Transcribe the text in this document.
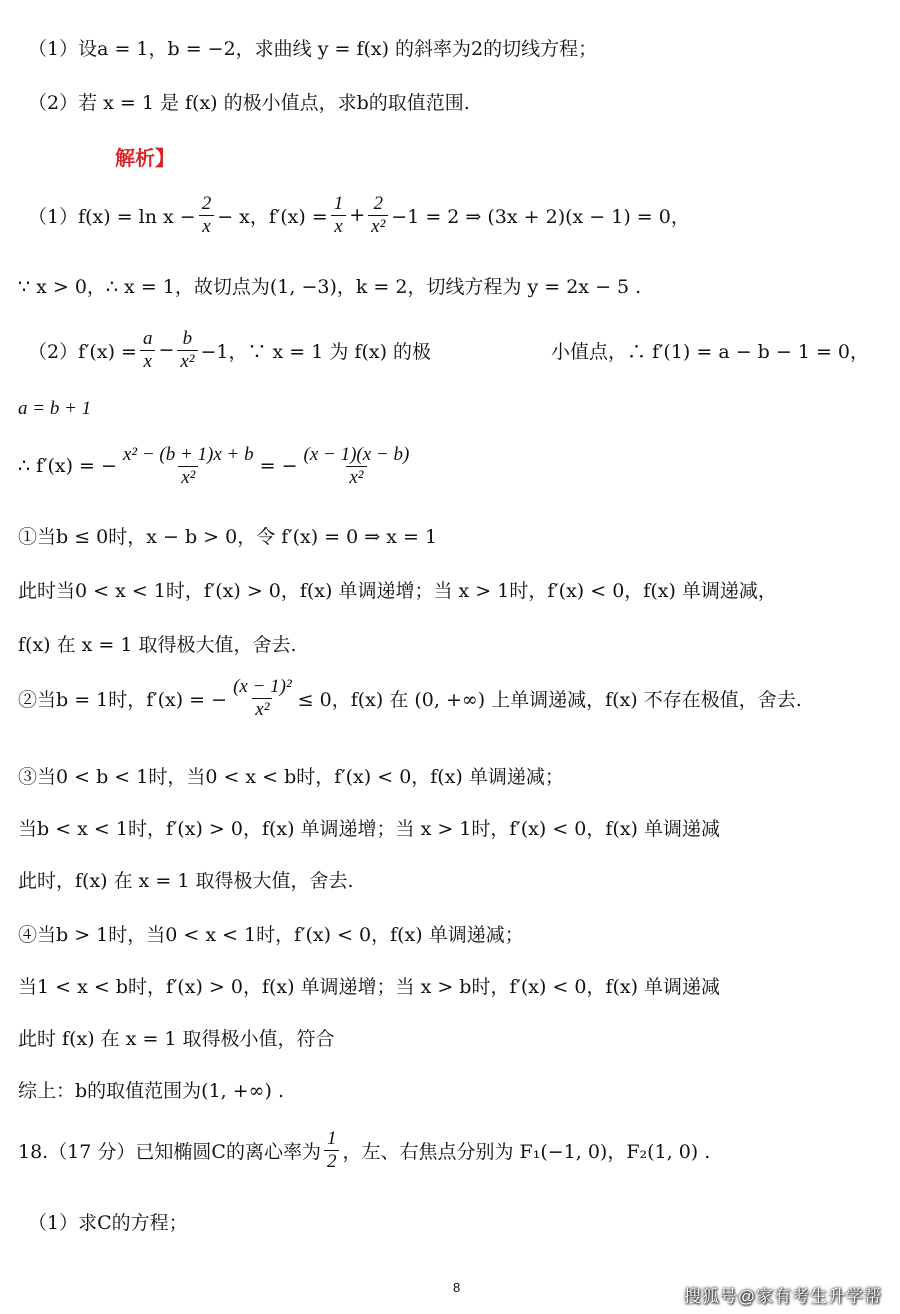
（1）设a = 1，b = −2，求曲线 y = f(x) 的斜率为2的切线方程；
（2）若 x = 1 是 f(x) 的极小值点，求b的取值范围.
解析】
$(1)f(x) = \ln x - \frac{2}{x} - x$，$f'(x) = \frac{1}{x} + \frac{2}{\text{x²}} -1 = 2$ ⇒ (3x + 2)(x − 1) = 0，
∵ x > 0，∴ x = 1，故切点为(1, −3)，k = 2，切线方程为 y = 2x − 5 .
$(2)f'(x) = \frac{a}{x} - \frac{b}{\text{x²}} -1$，∵ x = 1 为 f(x) 的极	小值点，∴ f′(1) = a − b − 1 = 0，
a = b + 1
∴ f′(x) = − $\frac{\text{x² − (b + 1)x + b}}{\text{x²}}$ = − $\frac{(x - 1)(x - b)}{\text{x²}}$
①当b ≤ 0时，x − b > 0，令 f′(x) = 0 ⇒ x = 1
此时当0 < x < 1时，f′(x) > 0，f(x) 单调递增；当 x > 1时，f′(x) < 0，f(x) 单调递减，
f(x) 在 x = 1 取得极大值，舍去.
②当b = 1时，f′(x) = − $\frac{\text{(x − 1)²}}{\text{x²}} \le 0$，f(x) 在 (0, +∞) 上单调递减，f(x) 不存在极值，舍去.
③当0 < b < 1时，当0 < x < b时，f′(x) < 0，f(x) 单调递减；
当b < x < 1时，f′(x) > 0，f(x) 单调递增；当 x > 1时，f′(x) < 0，f(x) 单调递减
此时，f(x) 在 x = 1 取得极大值，舍去.
④当b > 1时，当0 < x < 1时，f′(x) < 0，f(x) 单调递减；
当1 < x < b时，f′(x) > 0，f(x) 单调递增；当 x > b时，f′(x) < 0，f(x) 单调递减
此时 f(x) 在 x = 1 取得极小值，符合
综上：b的取值范围为(1, +∞) .
18.（17 分）已知椭圆C的离心率为 $\frac{1}{2}$ ，左、右焦点分别为 F₁(−1, 0)，F₂(1, 0) .
（1）求C的方程；
8	搜狐号@家有考生升学帮
